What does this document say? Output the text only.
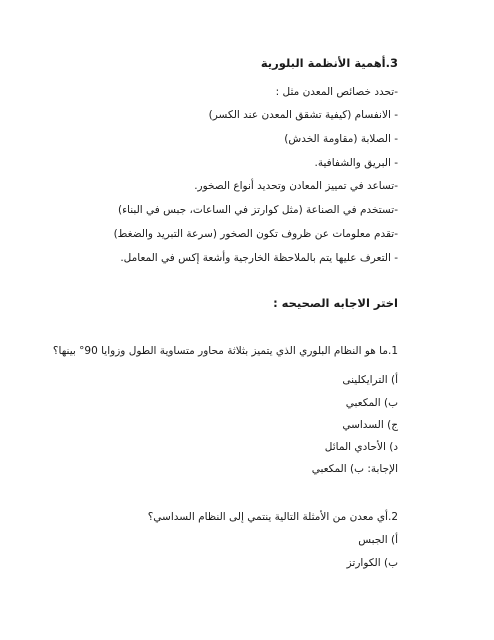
3.أهمية الأنظمة البلورية
-تحدد خصائص المعدن مثل :
- الانفسام (كيفية تشقق المعدن عند الكسر)
- الصلابة (مقاومة الخدش)
- البريق والشفافية.
-تساعد في تمييز المعادن وتحديد أنواع الصخور.
-تستخدم في الصناعة (مثل كوارتز في الساعات، جبس في البناء)
-تقدم معلومات عن ظروف تكون الصخور (سرعة التبريد والضغط)
- التعرف عليها يتم بالملاحظة الخارجية وأشعة إكس في المعامل.
اختر الاجابه الصحيحه :
1.ما هو النظام البلوري الذي يتميز بثلاثة محاور متساوية الطول وزوايا 90° بينها؟
أ) الترايكلينى
ب) المكعبي
ج) السداسي
د) الأحادي المائل
الإجابة: ب) المكعبي
2.أي معدن من الأمثلة التالية ينتمي إلى النظام السداسي؟
أ) الجبس
ب) الكوارتز
